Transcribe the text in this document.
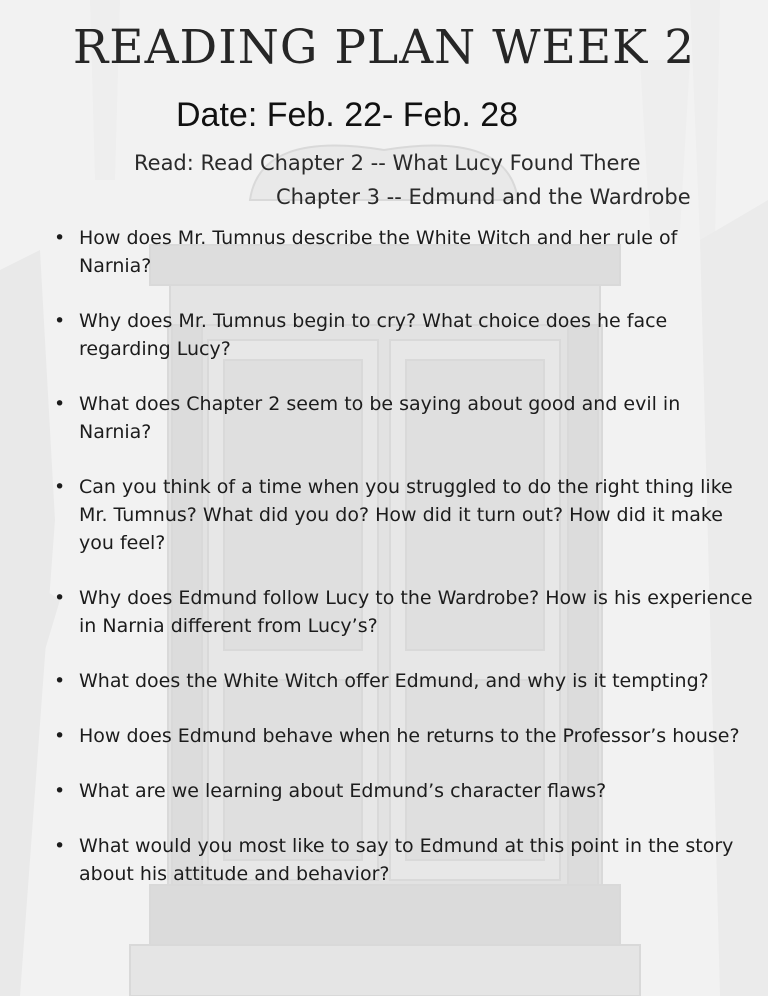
READING PLAN WEEK 2
Date: Feb. 22- Feb. 28
Read: Read Chapter 2 -- What Lucy Found There
Chapter 3 -- Edmund and the Wardrobe
• How does Mr. Tumnus describe the White Witch and her rule of Narnia?
• Why does Mr. Tumnus begin to cry? What choice does he face regarding Lucy?
• What does Chapter 2 seem to be saying about good and evil in Narnia?
• Can you think of a time when you struggled to do the right thing like Mr. Tumnus? What did you do? How did it turn out? How did it make you feel?
• Why does Edmund follow Lucy to the Wardrobe? How is his experience in Narnia different from Lucy’s?
• What does the White Witch offer Edmund, and why is it tempting?
• How does Edmund behave when he returns to the Professor’s house?
• What are we learning about Edmund’s character flaws?
• What would you most like to say to Edmund at this point in the story about his attitude and behavior?
